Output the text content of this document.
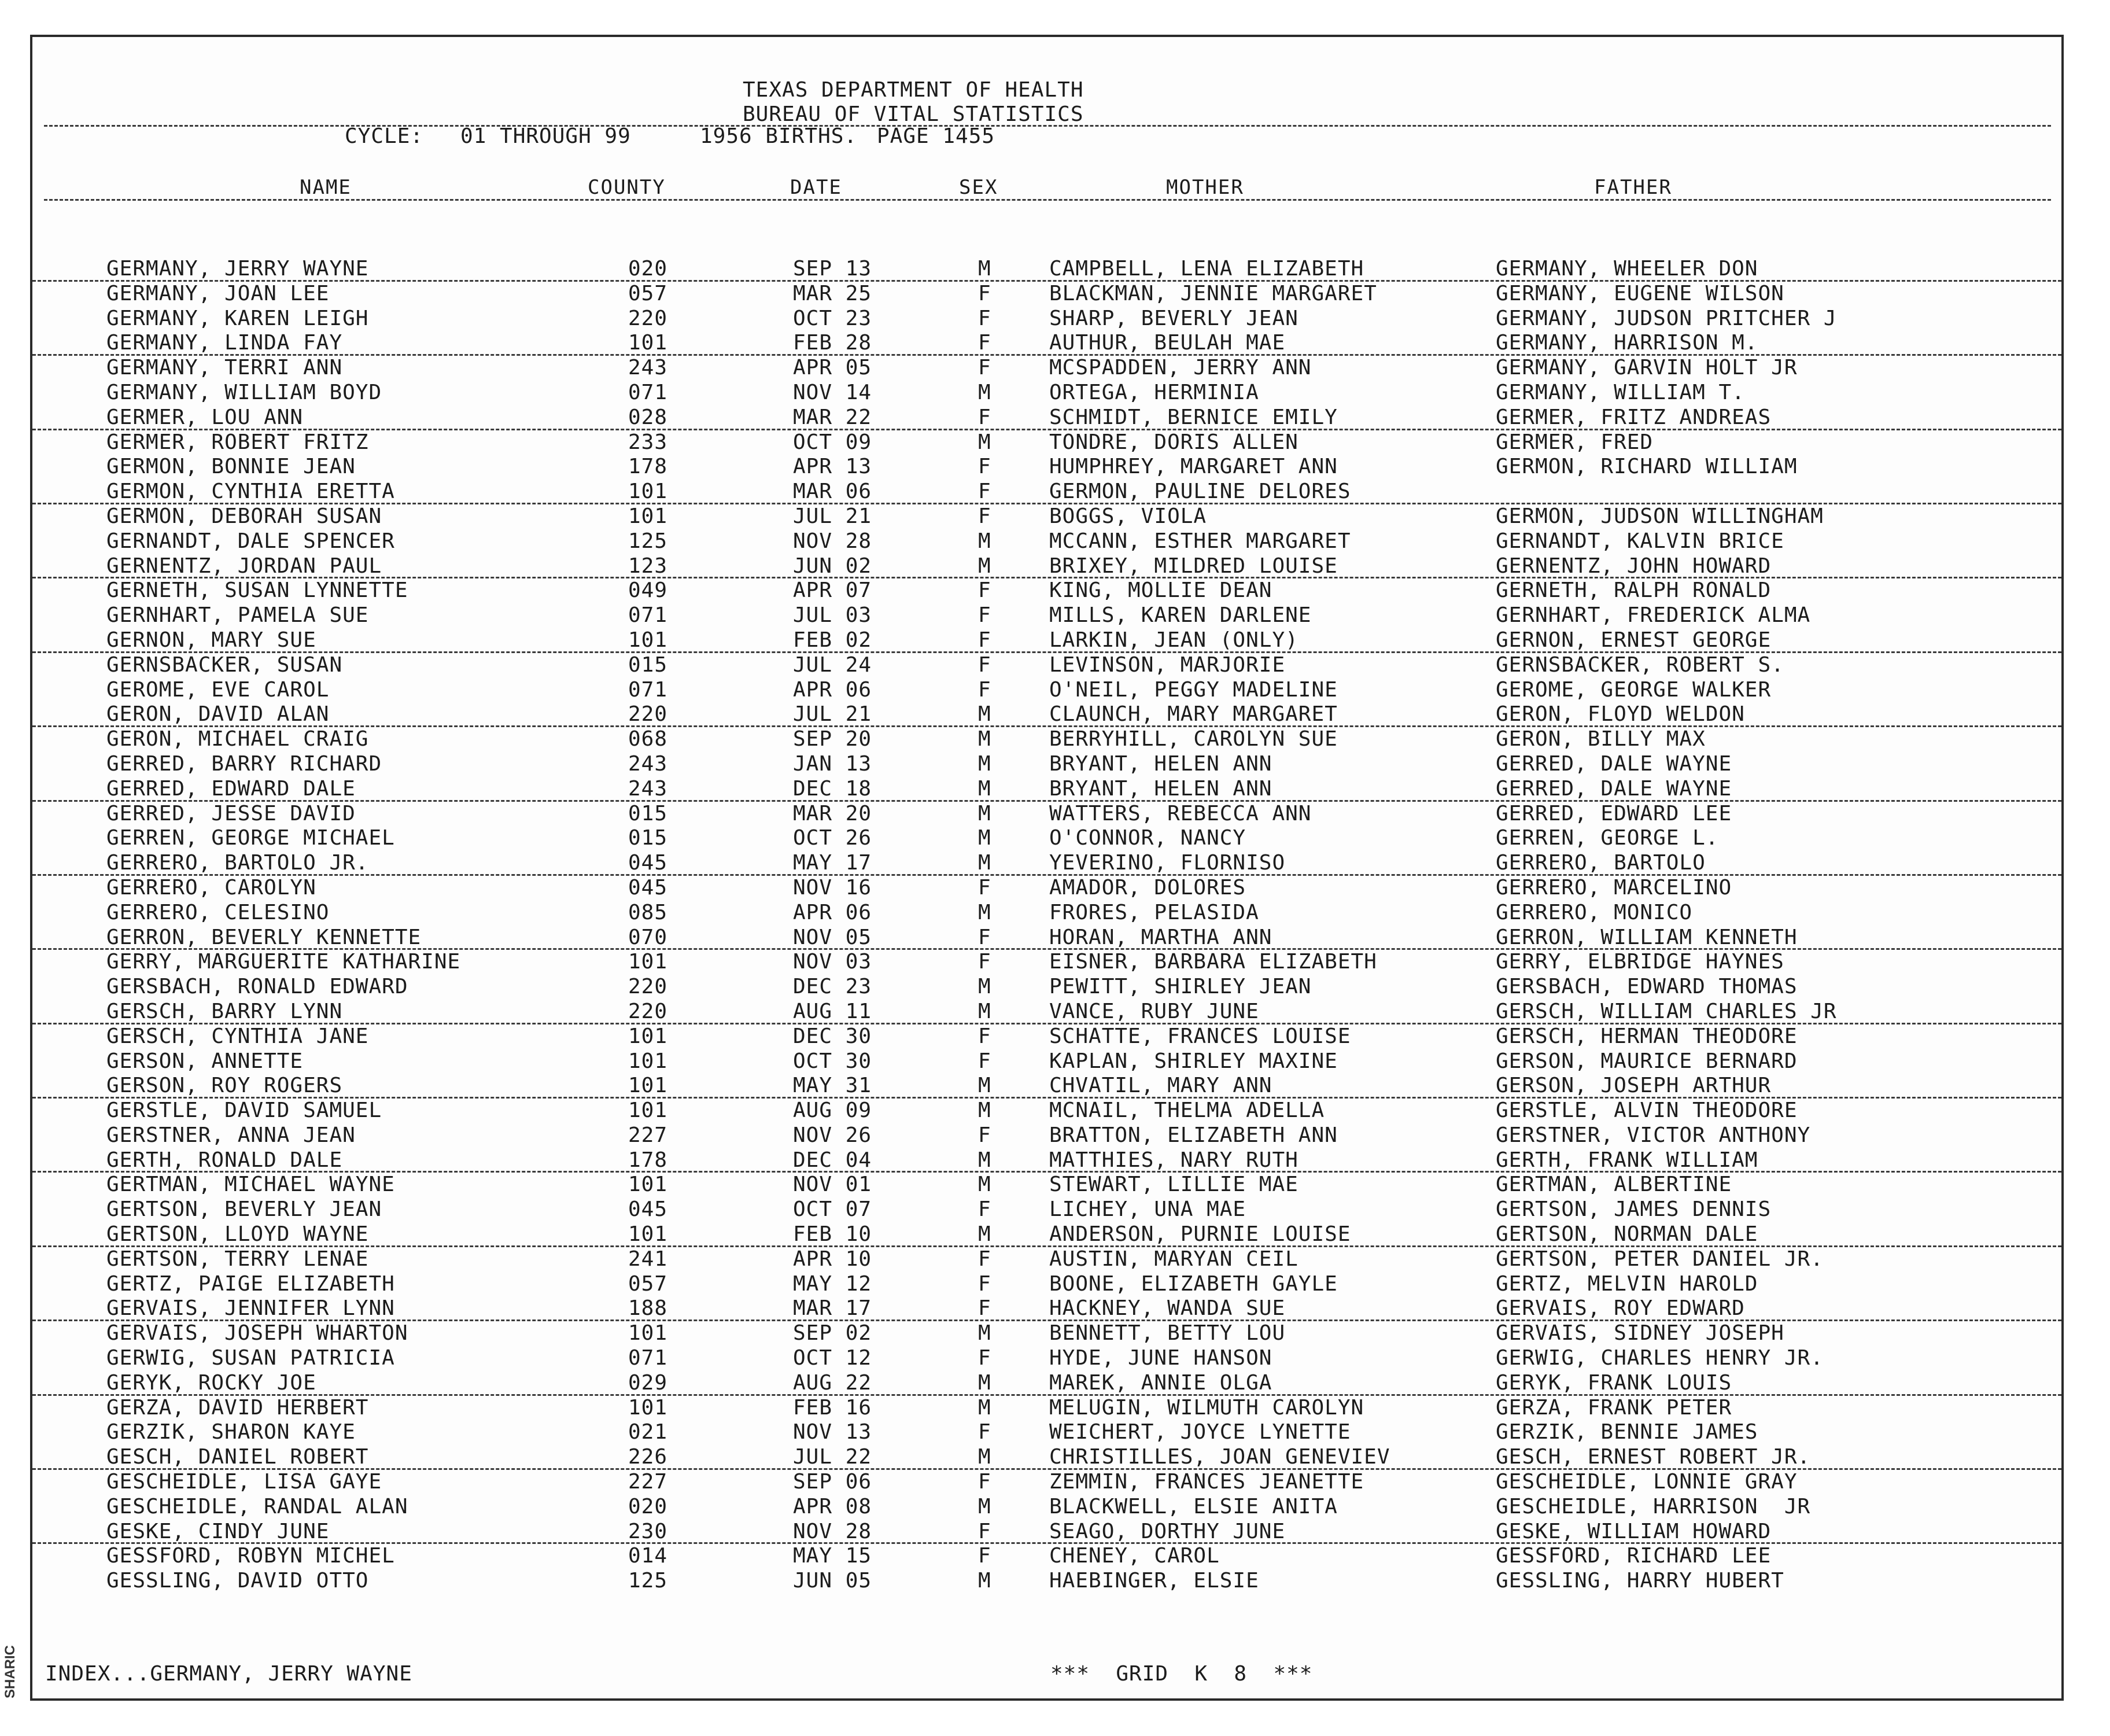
TEXAS DEPARTMENT OF HEALTH
BUREAU OF VITAL STATISTICS
CYCLE: 01 THROUGH 99	1956 BIRTHS. PAGE 1455
NAME	COUNTY	DATE	SEX	MOTHER	FATHER
GERMANY, JERRY WAYNE	020	SEP 13	M	CAMPBELL, LENA ELIZABETH	GERMANY, WHEELER DON
GERMANY, JOAN LEE	057	MAR 25	F	BLACKMAN, JENNIE MARGARET	GERMANY, EUGENE WILSON
GERMANY, KAREN LEIGH	220	OCT 23	F	SHARP, BEVERLY JEAN	GERMANY, JUDSON PRITCHER J
GERMANY, LINDA FAY	101	FEB 28	F	AUTHUR, BEULAH MAE	GERMANY, HARRISON M.
GERMANY, TERRI ANN	243	APR 05	F	MCSPADDEN, JERRY ANN	GERMANY, GARVIN HOLT JR
GERMANY, WILLIAM BOYD	071	NOV 14	M	ORTEGA, HERMINIA	GERMANY, WILLIAM T.
GERMER, LOU ANN	028	MAR 22	F	SCHMIDT, BERNICE EMILY	GERMER, FRITZ ANDREAS
GERMER, ROBERT FRITZ	233	OCT 09	M	TONDRE, DORIS ALLEN	GERMER, FRED
GERMON, BONNIE JEAN	178	APR 13	F	HUMPHREY, MARGARET ANN	GERMON, RICHARD WILLIAM
GERMON, CYNTHIA ERETTA	101	MAR 06	F	GERMON, PAULINE DELORES
GERMON, DEBORAH SUSAN	101	JUL 21	F	BOGGS, VIOLA	GERMON, JUDSON WILLINGHAM
GERNANDT, DALE SPENCER	125	NOV 28	M	MCCANN, ESTHER MARGARET	GERNANDT, KALVIN BRICE
GERNENTZ, JORDAN PAUL	123	JUN 02	M	BRIXEY, MILDRED LOUISE	GERNENTZ, JOHN HOWARD
GERNETH, SUSAN LYNNETTE	049	APR 07	F	KING, MOLLIE DEAN	GERNETH, RALPH RONALD
GERNHART, PAMELA SUE	071	JUL 03	F	MILLS, KAREN DARLENE	GERNHART, FREDERICK ALMA
GERNON, MARY SUE	101	FEB 02	F	LARKIN, JEAN (ONLY)	GERNON, ERNEST GEORGE
GERNSBACKER, SUSAN	015	JUL 24	F	LEVINSON, MARJORIE	GERNSBACKER, ROBERT S.
GEROME, EVE CAROL	071	APR 06	F	O'NEIL, PEGGY MADELINE	GEROME, GEORGE WALKER
GERON, DAVID ALAN	220	JUL 21	M	CLAUNCH, MARY MARGARET	GERON, FLOYD WELDON
GERON, MICHAEL CRAIG	068	SEP 20	M	BERRYHILL, CAROLYN SUE	GERON, BILLY MAX
GERRED, BARRY RICHARD	243	JAN 13	M	BRYANT, HELEN ANN	GERRED, DALE WAYNE
GERRED, EDWARD DALE	243	DEC 18	M	BRYANT, HELEN ANN	GERRED, DALE WAYNE
GERRED, JESSE DAVID	015	MAR 20	M	WATTERS, REBECCA ANN	GERRED, EDWARD LEE
GERREN, GEORGE MICHAEL	015	OCT 26	M	O'CONNOR, NANCY	GERREN, GEORGE L.
GERRERO, BARTOLO JR.	045	MAY 17	M	YEVERINO, FLORNISO	GERRERO, BARTOLO
GERRERO, CAROLYN	045	NOV 16	F	AMADOR, DOLORES	GERRERO, MARCELINO
GERRERO, CELESINO	085	APR 06	M	FRORES, PELASIDA	GERRERO, MONICO
GERRON, BEVERLY KENNETTE	070	NOV 05	F	HORAN, MARTHA ANN	GERRON, WILLIAM KENNETH
GERRY, MARGUERITE KATHARINE	101	NOV 03	F	EISNER, BARBARA ELIZABETH	GERRY, ELBRIDGE HAYNES
GERSBACH, RONALD EDWARD	220	DEC 23	M	PEWITT, SHIRLEY JEAN	GERSBACH, EDWARD THOMAS
GERSCH, BARRY LYNN	220	AUG 11	M	VANCE, RUBY JUNE	GERSCH, WILLIAM CHARLES JR
GERSCH, CYNTHIA JANE	101	DEC 30	F	SCHATTE, FRANCES LOUISE	GERSCH, HERMAN THEODORE
GERSON, ANNETTE	101	OCT 30	F	KAPLAN, SHIRLEY MAXINE	GERSON, MAURICE BERNARD
GERSON, ROY ROGERS	101	MAY 31	M	CHVATIL, MARY ANN	GERSON, JOSEPH ARTHUR
GERSTLE, DAVID SAMUEL	101	AUG 09	M	MCNAIL, THELMA ADELLA	GERSTLE, ALVIN THEODORE
GERSTNER, ANNA JEAN	227	NOV 26	F	BRATTON, ELIZABETH ANN	GERSTNER, VICTOR ANTHONY
GERTH, RONALD DALE	178	DEC 04	M	MATTHIES, NARY RUTH	GERTH, FRANK WILLIAM
GERTMAN, MICHAEL WAYNE	101	NOV 01	M	STEWART, LILLIE MAE	GERTMAN, ALBERTINE
GERTSON, BEVERLY JEAN	045	OCT 07	F	LICHEY, UNA MAE	GERTSON, JAMES DENNIS
GERTSON, LLOYD WAYNE	101	FEB 10	M	ANDERSON, PURNIE LOUISE	GERTSON, NORMAN DALE
GERTSON, TERRY LENAE	241	APR 10	F	AUSTIN, MARYAN CEIL	GERTSON, PETER DANIEL JR.
GERTZ, PAIGE ELIZABETH	057	MAY 12	F	BOONE, ELIZABETH GAYLE	GERTZ, MELVIN HAROLD
GERVAIS, JENNIFER LYNN	188	MAR 17	F	HACKNEY, WANDA SUE	GERVAIS, ROY EDWARD
GERVAIS, JOSEPH WHARTON	101	SEP 02	M	BENNETT, BETTY LOU	GERVAIS, SIDNEY JOSEPH
GERWIG, SUSAN PATRICIA	071	OCT 12	F	HYDE, JUNE HANSON	GERWIG, CHARLES HENRY JR.
GERYK, ROCKY JOE	029	AUG 22	M	MAREK, ANNIE OLGA	GERYK, FRANK LOUIS
GERZA, DAVID HERBERT	101	FEB 16	M	MELUGIN, WILMUTH CAROLYN	GERZA, FRANK PETER
GERZIK, SHARON KAYE	021	NOV 13	F	WEICHERT, JOYCE LYNETTE	GERZIK, BENNIE JAMES
GESCH, DANIEL ROBERT	226	JUL 22	M	CHRISTILLES, JOAN GENEVIEV	GESCH, ERNEST ROBERT JR.
GESCHEIDLE, LISA GAYE	227	SEP 06	F	ZEMMIN, FRANCES JEANETTE	GESCHEIDLE, LONNIE GRAY
GESCHEIDLE, RANDAL ALAN	020	APR 08	M	BLACKWELL, ELSIE ANITA	GESCHEIDLE, HARRISON  JR
GESKE, CINDY JUNE	230	NOV 28	F	SEAGO, DORTHY JUNE	GESKE, WILLIAM HOWARD
GESSFORD, ROBYN MICHEL	014	MAY 15	F	CHENEY, CAROL	GESSFORD, RICHARD LEE
GESSLING, DAVID OTTO	125	JUN 05	M	HAEBINGER, ELSIE	GESSLING, HARRY HUBERT
INDEX...GERMANY, JERRY WAYNE	***  GRID  K  8  ***
SHARIC
